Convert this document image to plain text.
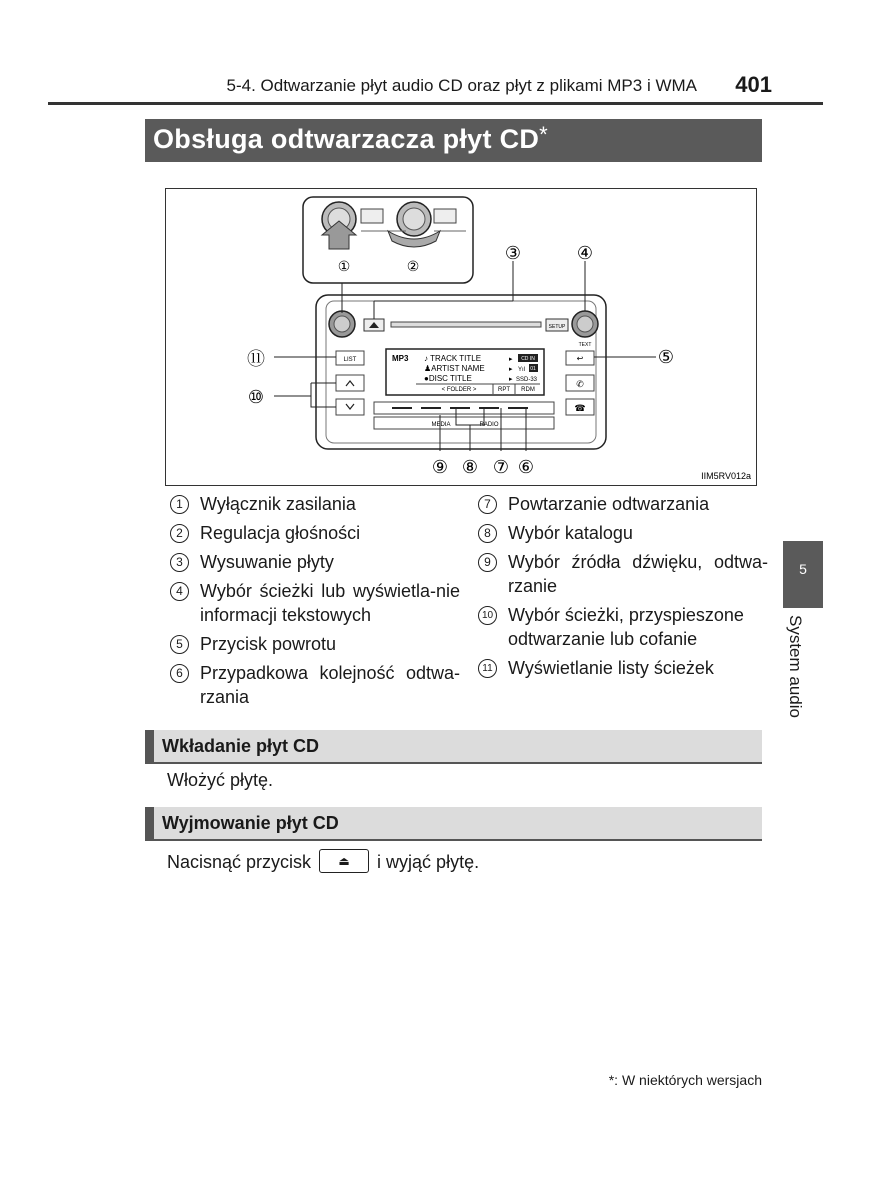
5-4. Odtwarzanie płyt audio CD oraz płyt z plikami MP3 i WMA 401
Obsługa odtwarzacza płyt CD*
①	②
SETUP
TEXT
LIST	↩
✆
☎
MP3 ♪ TRACK TITLE
♟ARTIST NAME
●DISC TITLE
▸
▸
▸
CD IN
Yıl 01
SSD-33
< FOLDER >	RPT RDM
MEDIA	RADIO
③	④
⑤
⑪
⑩
⑨ ⑧ ⑦ ⑥	IIM5RV012a
1 Wyłącznik zasilania
2 Regulacja głośności
3 Wysuwanie płyty
4 Wybór ścieżki lub wyświetla-nie informacji tekstowych
5 Przycisk powrotu
6 Przypadkowa kolejność odtwa-rzania
7 Powtarzanie odtwarzania
8 Wybór katalogu
9 Wybór źródła dźwięku, odtwa-rzanie
10 Wybór ścieżki, przyspieszone odtwarzanie lub cofanie
11 Wyświetlanie listy ścieżek
5
System audio
Wkładanie płyt CD
Włożyć płytę.
Wyjmowanie płyt CD
Nacisnąć przycisk ⏏ i wyjąć płytę.
*: W niektórych wersjach
